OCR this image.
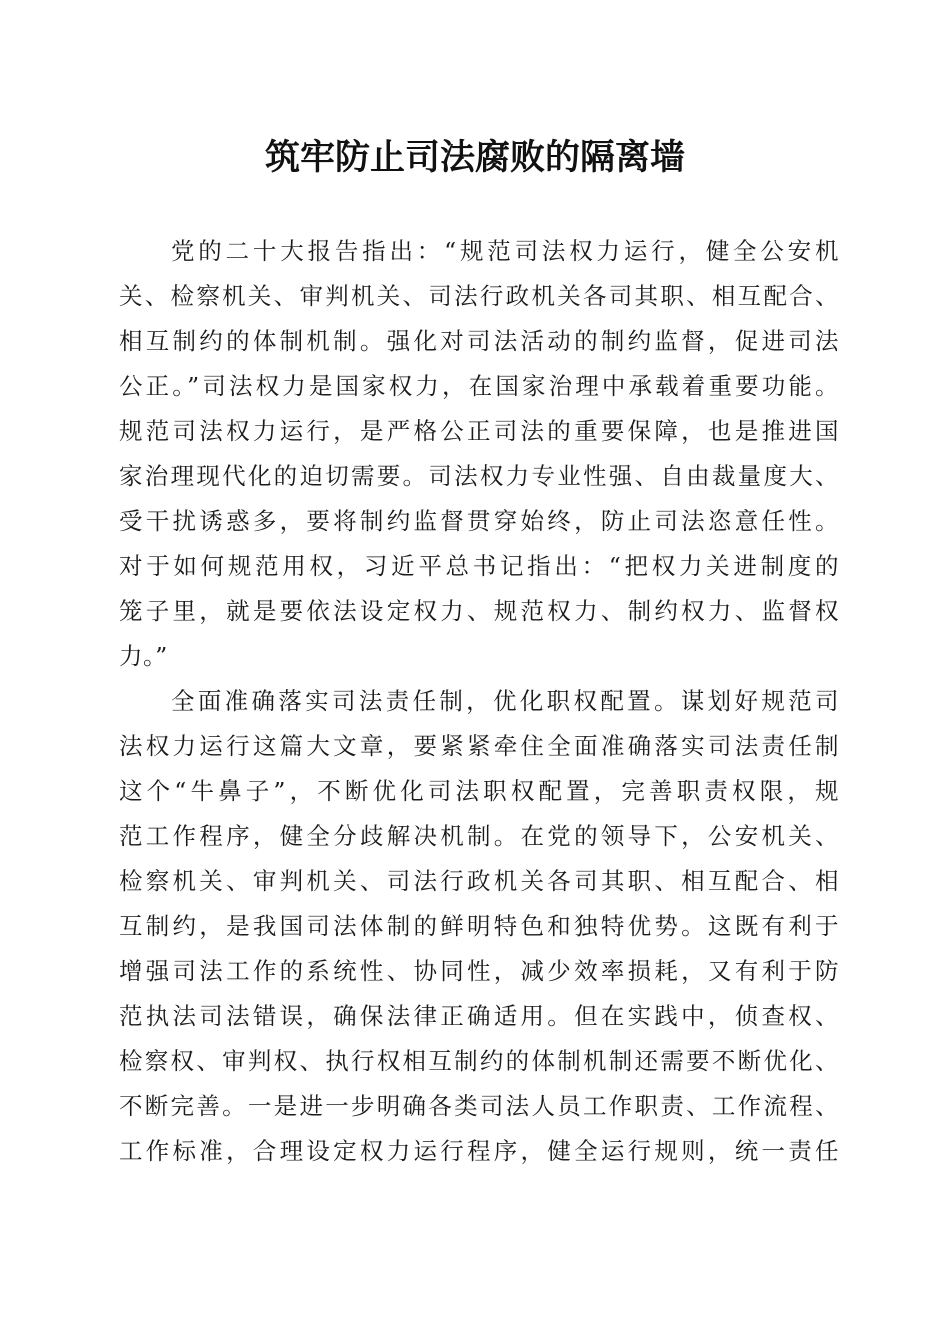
筑牢防止司法腐败的隔离墙
党的二十大报告指出：“规范司法权力运行，健全公安机
关、检察机关、审判机关、司法行政机关各司其职、相互配合、
相互制约的体制机制。强化对司法活动的制约监督，促进司法
公正。”司法权力是国家权力，在国家治理中承载着重要功能。
规范司法权力运行，是严格公正司法的重要保障，也是推进国
家治理现代化的迫切需要。司法权力专业性强、自由裁量度大、
受干扰诱惑多，要将制约监督贯穿始终，防止司法恣意任性。
对于如何规范用权，习近平总书记指出：“把权力关进制度的
笼子里，就是要依法设定权力、规范权力、制约权力、监督权
力。”
全面准确落实司法责任制，优化职权配置。谋划好规范司
法权力运行这篇大文章，要紧紧牵住全面准确落实司法责任制
这个“牛鼻子”，不断优化司法职权配置，完善职责权限，规
范工作程序，健全分歧解决机制。在党的领导下，公安机关、
检察机关、审判机关、司法行政机关各司其职、相互配合、相
互制约，是我国司法体制的鲜明特色和独特优势。这既有利于
增强司法工作的系统性、协同性，减少效率损耗，又有利于防
范执法司法错误，确保法律正确适用。但在实践中，侦查权、
检察权、审判权、执行权相互制约的体制机制还需要不断优化、
不断完善。一是进一步明确各类司法人员工作职责、工作流程、
工作标准，合理设定权力运行程序，健全运行规则，统一责任
